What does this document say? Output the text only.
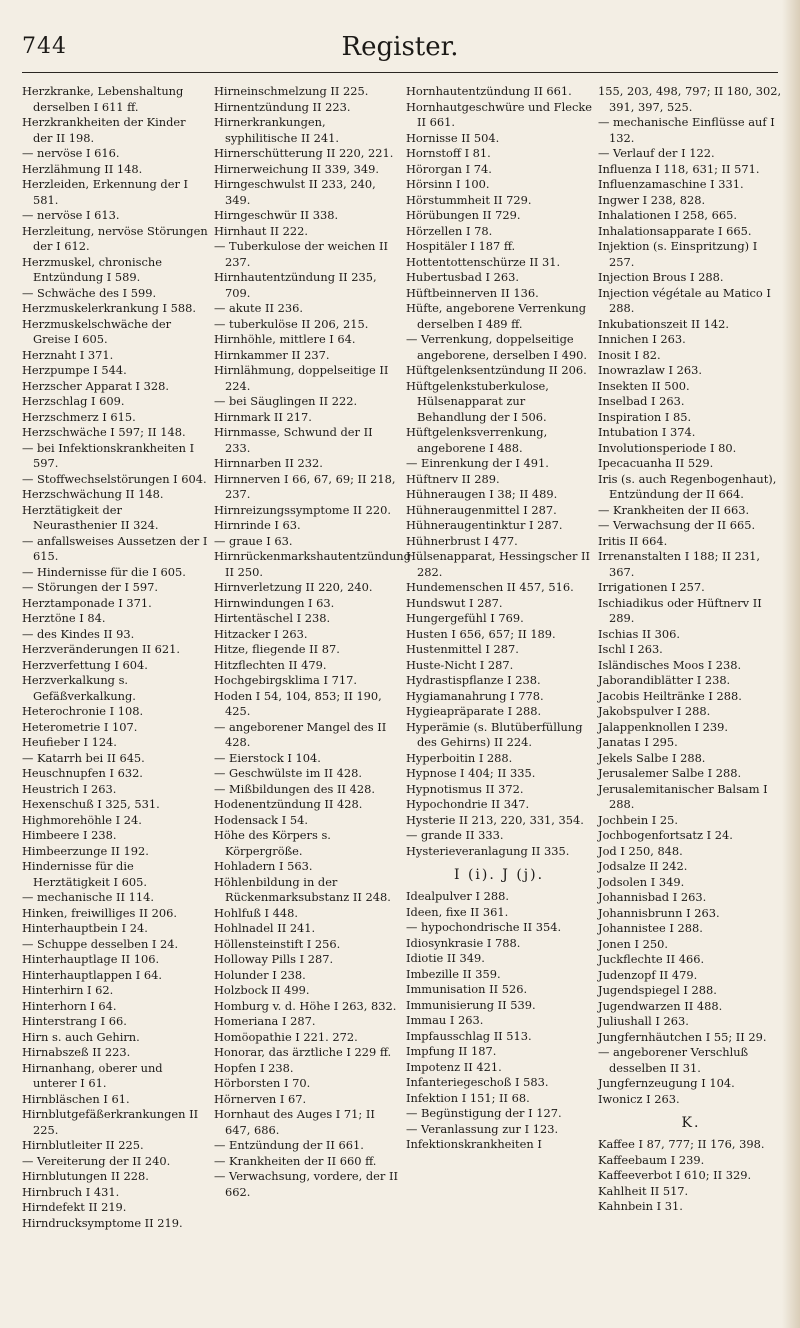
744	Register.
Herzkranke, Lebenshaltung derselben I 611 ff.
Herzkrankheiten der Kinder der II 198.
— nervöse I 616.
Herzlähmung II 148.
Herzleiden, Erkennung der I 581.
— nervöse I 613.
Herzleitung, nervöse Störungen der I 612.
Herzmuskel, chronische Entzündung I 589.
— Schwäche des I 599.
Herzmuskelerkrankung I 588.
Herzmuskelschwäche der Greise I 605.
Herznaht I 371.
Herzpumpe I 544.
Herzscher Apparat I 328.
Herzschlag I 609.
Herzschmerz I 615.
Herzschwäche I 597; II 148.
— bei Infektionskrankheiten I 597.
— Stoffwechselstörungen I 604.
Herzschwächung II 148.
Herztätigkeit der Neurasthenier II 324.
— anfallsweises Aussetzen der I 615.
— Hindernisse für die I 605.
— Störungen der I 597.
Herztamponade I 371.
Herztöne I 84.
— des Kindes II 93.
Herzveränderungen II 621.
Herzverfettung I 604.
Herzverkalkung s. Gefäßverkalkung.
Heterochronie I 108.
Heterometrie I 107.
Heufieber I 124.
— Katarrh bei II 645.
Heuschnupfen I 632.
Heustrich I 263.
Hexenschuß I 325, 531.
Highmorehöhle I 24.
Himbeere I 238.
Himbeerzunge II 192.
Hindernisse für die Herztätigkeit I 605.
— mechanische II 114.
Hinken, freiwilliges II 206.
Hinterhauptbein I 24.
— Schuppe desselben I 24.
Hinterhauptlage II 106.
Hinterhauptlappen I 64.
Hinterhirn I 62.
Hinterhorn I 64.
Hinterstrang I 66.
Hirn s. auch Gehirn.
Hirnabszeß II 223.
Hirnanhang, oberer und unterer I 61.
Hirnbläschen I 61.
Hirnblutgefäßerkrankungen II 225.
Hirnblutleiter II 225.
— Vereiterung der II 240.
Hirnblutungen II 228.
Hirnbruch I 431.
Hirndefekt II 219.
Hirndrucksymptome II 219.
Hirneinschmelzung II 225.
Hirnentzündung II 223.
Hirnerkrankungen, syphilitische II 241.
Hirnerschütterung II 220, 221.
Hirnerweichung II 339, 349.
Hirngeschwulst II 233, 240, 349.
Hirngeschwür II 338.
Hirnhaut II 222.
— Tuberkulose der weichen II 237.
Hirnhautentzündung II 235, 709.
— akute II 236.
— tuberkulöse II 206, 215.
Hirnhöhle, mittlere I 64.
Hirnkammer II 237.
Hirnlähmung, doppelseitige II 224.
— bei Säuglingen II 222.
Hirnmark II 217.
Hirnmasse, Schwund der II 233.
Hirnnarben II 232.
Hirnnerven I 66, 67, 69; II 218, 237.
Hirnreizungssymptome II 220.
Hirnrinde I 63.
— graue I 63.
Hirnrückenmarkshautentzündung II 250.
Hirnverletzung II 220, 240.
Hirnwindungen I 63.
Hirtentäschel I 238.
Hitzacker I 263.
Hitze, fliegende II 87.
Hitzflechten II 479.
Hochgebirgsklima I 717.
Hoden I 54, 104, 853; II 190, 425.
— angeborener Mangel des II 428.
— Eierstock I 104.
— Geschwülste im II 428.
— Mißbildungen des II 428.
Hodenentzündung II 428.
Hodensack I 54.
Höhe des Körpers s. Körpergröße.
Hohladern I 563.
Höhlenbildung in der Rückenmarksubstanz II 248.
Hohlfuß I 448.
Hohlnadel II 241.
Höllensteinstift I 256.
Holloway Pills I 287.
Holunder I 238.
Holzbock II 499.
Homburg v. d. Höhe I 263, 832.
Homeriana I 287.
Homöopathie I 221. 272.
Honorar, das ärztliche I 229 ff.
Hopfen I 238.
Hörborsten I 70.
Hörnerven I 67.
Hornhaut des Auges I 71; II 647, 686.
— Entzündung der II 661.
— Krankheiten der II 660 ff.
— Verwachsung, vordere, der II 662.
Hornhautentzündung II 661.
Hornhautgeschwüre und Flecke II 661.
Hornisse II 504.
Hornstoff I 81.
Hörorgan I 74.
Hörsinn I 100.
Hörstummheit II 729.
Hörübungen II 729.
Hörzellen I 78.
Hospitäler I 187 ff.
Hottentottenschürze II 31.
Hubertusbad I 263.
Hüftbeinnerven II 136.
Hüfte, angeborene Verrenkung derselben I 489 ff.
— Verrenkung, doppelseitige angeborene, derselben I 490.
Hüftgelenksentzündung II 206.
Hüftgelenkstuberkulose, Hülsenapparat zur Behandlung der I 506.
Hüftgelenksverrenkung, angeborene I 488.
— Einrenkung der I 491.
Hüftnerv II 289.
Hühneraugen I 38; II 489.
Hühneraugenmittel I 287.
Hühneraugentinktur I 287.
Hühnerbrust I 477.
Hülsenapparat, Hessingscher II 282.
Hundemenschen II 457, 516.
Hundswut I 287.
Hungergefühl I 769.
Husten I 656, 657; II 189.
Hustenmittel I 287.
Huste-Nicht I 287.
Hydrastispflanze I 238.
Hygiamanahrung I 778.
Hygieapräparate I 288.
Hyperämie (s. Blutüberfüllung des Gehirns) II 224.
Hyperboitin I 288.
Hypnose I 404; II 335.
Hypnotismus II 372.
Hypochondrie II 347.
Hysterie II 213, 220, 331, 354.
— grande II 333.
Hysterieveranlagung II 335.
I (i). J (j).
Idealpulver I 288.
Ideen, fixe II 361.
— hypochondrische II 354.
Idiosynkrasie I 788.
Idiotie II 349.
Imbezille II 359.
Immunisation II 526.
Immunisierung II 539.
Immau I 263.
Impfausschlag II 513.
Impfung II 187.
Impotenz II 421.
Infanteriegeschoß I 583.
Infektion I 151; II 68.
— Begünstigung der I 127.
— Veranlassung zur I 123.
Infektionskrankheiten I
155, 203, 498, 797; II 180, 302, 391, 397, 525.
— mechanische Einflüsse auf I 132.
— Verlauf der I 122.
Influenza I 118, 631; II 571.
Influenzamaschine I 331.
Ingwer I 238, 828.
Inhalationen I 258, 665.
Inhalationsapparate I 665.
Injektion (s. Einspritzung) I 257.
Injection Brous I 288.
Injection végétale au Matico I 288.
Inkubationszeit II 142.
Innichen I 263.
Inosit I 82.
Inowrazlaw I 263.
Insekten II 500.
Inselbad I 263.
Inspiration I 85.
Intubation I 374.
Involutionsperiode I 80.
Ipecacuanha II 529.
Iris (s. auch Regenbogenhaut), Entzündung der II 664.
— Krankheiten der II 663.
— Verwachsung der II 665.
Iritis II 664.
Irrenanstalten I 188; II 231, 367.
Irrigationen I 257.
Ischiadikus oder Hüftnerv II 289.
Ischias II 306.
Ischl I 263.
Isländisches Moos I 238.
Jaborandiblätter I 238.
Jacobis Heiltränke I 288.
Jakobspulver I 288.
Jalappenknollen I 239.
Janatas I 295.
Jekels Salbe I 288.
Jerusalemer Salbe I 288.
Jerusalemitanischer Balsam I 288.
Jochbein I 25.
Jochbogenfortsatz I 24.
Jod I 250, 848.
Jodsalze II 242.
Jodsolen I 349.
Johannisbad I 263.
Johannisbrunn I 263.
Johannistee I 288.
Jonen I 250.
Juckflechte II 466.
Judenzopf II 479.
Jugendspiegel I 288.
Jugendwarzen II 488.
Juliushall I 263.
Jungfernhäutchen I 55; II 29.
— angeborener Verschluß desselben II 31.
Jungfernzeugung I 104.
Iwonicz I 263.
K.
Kaffee I 87, 777; II 176, 398.
Kaffeebaum I 239.
Kaffeeverbot I 610; II 329.
Kahlheit II 517.
Kahnbein I 31.
